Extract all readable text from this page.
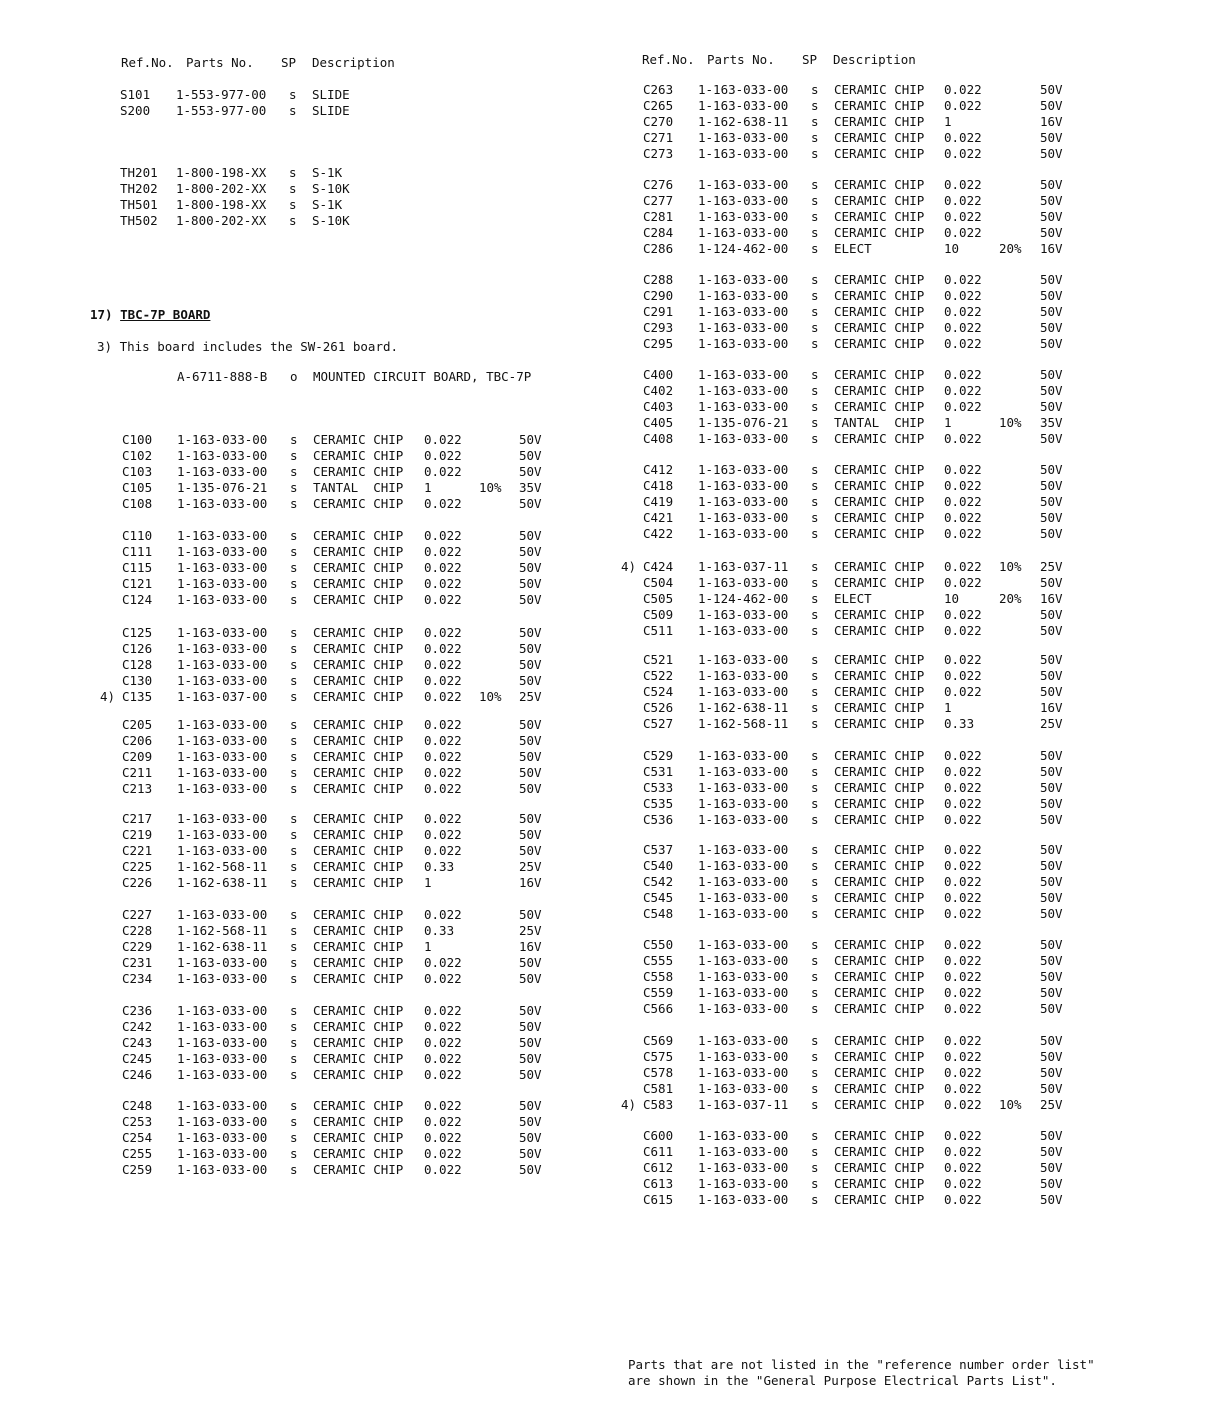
Ref.No. Parts No. SP Description
S101 1-553-977-00 s SLIDE
S200 1-553-977-00 s SLIDE
TH201 1-800-198-XX s S-1K
TH202 1-800-202-XX s S-10K
TH501 1-800-198-XX s S-1K
TH502 1-800-202-XX s S-10K
17) TBC-7P BOARD
3) This board includes the SW-261 board.
A-6711-888-B o MOUNTED CIRCUIT BOARD, TBC-7P
C100 1-163-033-00 s CERAMIC CHIP 0.022	50V
C102 1-163-033-00 s CERAMIC CHIP 0.022	50V
C103 1-163-033-00 s CERAMIC CHIP 0.022	50V
C105 1-135-076-21 s TANTAL  CHIP 1	10% 35V
C108 1-163-033-00 s CERAMIC CHIP 0.022	50V
C110 1-163-033-00 s CERAMIC CHIP 0.022	50V
C111 1-163-033-00 s CERAMIC CHIP 0.022	50V
C115 1-163-033-00 s CERAMIC CHIP 0.022	50V
C121 1-163-033-00 s CERAMIC CHIP 0.022	50V
C124 1-163-033-00 s CERAMIC CHIP 0.022	50V
C125 1-163-033-00 s CERAMIC CHIP 0.022	50V
C126 1-163-033-00 s CERAMIC CHIP 0.022	50V
C128 1-163-033-00 s CERAMIC CHIP 0.022	50V
C130 1-163-033-00 s CERAMIC CHIP 0.022	50V
4) C135 1-163-037-00 s CERAMIC CHIP 0.022 10% 25V
C205 1-163-033-00 s CERAMIC CHIP 0.022	50V
C206 1-163-033-00 s CERAMIC CHIP 0.022	50V
C209 1-163-033-00 s CERAMIC CHIP 0.022	50V
C211 1-163-033-00 s CERAMIC CHIP 0.022	50V
C213 1-163-033-00 s CERAMIC CHIP 0.022	50V
C217 1-163-033-00 s CERAMIC CHIP 0.022	50V
C219 1-163-033-00 s CERAMIC CHIP 0.022	50V
C221 1-163-033-00 s CERAMIC CHIP 0.022	50V
C225 1-162-568-11 s CERAMIC CHIP 0.33	25V
C226 1-162-638-11 s CERAMIC CHIP 1	16V
C227 1-163-033-00 s CERAMIC CHIP 0.022	50V
C228 1-162-568-11 s CERAMIC CHIP 0.33	25V
C229 1-162-638-11 s CERAMIC CHIP 1	16V
C231 1-163-033-00 s CERAMIC CHIP 0.022	50V
C234 1-163-033-00 s CERAMIC CHIP 0.022	50V
C236 1-163-033-00 s CERAMIC CHIP 0.022	50V
C242 1-163-033-00 s CERAMIC CHIP 0.022	50V
C243 1-163-033-00 s CERAMIC CHIP 0.022	50V
C245 1-163-033-00 s CERAMIC CHIP 0.022	50V
C246 1-163-033-00 s CERAMIC CHIP 0.022	50V
C248 1-163-033-00 s CERAMIC CHIP 0.022	50V
C253 1-163-033-00 s CERAMIC CHIP 0.022	50V
C254 1-163-033-00 s CERAMIC CHIP 0.022	50V
C255 1-163-033-00 s CERAMIC CHIP 0.022	50V
C259 1-163-033-00 s CERAMIC CHIP 0.022	50V
Ref.No. Parts No. SP Description
C263 1-163-033-00 s CERAMIC CHIP 0.022	50V
C265 1-163-033-00 s CERAMIC CHIP 0.022	50V
C270 1-162-638-11 s CERAMIC CHIP 1	16V
C271 1-163-033-00 s CERAMIC CHIP 0.022	50V
C273 1-163-033-00 s CERAMIC CHIP 0.022	50V
C276 1-163-033-00 s CERAMIC CHIP 0.022	50V
C277 1-163-033-00 s CERAMIC CHIP 0.022	50V
C281 1-163-033-00 s CERAMIC CHIP 0.022	50V
C284 1-163-033-00 s CERAMIC CHIP 0.022	50V
C286 1-124-462-00 s ELECT	10	20% 16V
C288 1-163-033-00 s CERAMIC CHIP 0.022	50V
C290 1-163-033-00 s CERAMIC CHIP 0.022	50V
C291 1-163-033-00 s CERAMIC CHIP 0.022	50V
C293 1-163-033-00 s CERAMIC CHIP 0.022	50V
C295 1-163-033-00 s CERAMIC CHIP 0.022	50V
C400 1-163-033-00 s CERAMIC CHIP 0.022	50V
C402 1-163-033-00 s CERAMIC CHIP 0.022	50V
C403 1-163-033-00 s CERAMIC CHIP 0.022	50V
C405 1-135-076-21 s TANTAL  CHIP 1	10% 35V
C408 1-163-033-00 s CERAMIC CHIP 0.022	50V
C412 1-163-033-00 s CERAMIC CHIP 0.022	50V
C418 1-163-033-00 s CERAMIC CHIP 0.022	50V
C419 1-163-033-00 s CERAMIC CHIP 0.022	50V
C421 1-163-033-00 s CERAMIC CHIP 0.022	50V
C422 1-163-033-00 s CERAMIC CHIP 0.022	50V
4) C424 1-163-037-11 s CERAMIC CHIP 0.022 10% 25V
C504 1-163-033-00 s CERAMIC CHIP 0.022	50V
C505 1-124-462-00 s ELECT	10	20% 16V
C509 1-163-033-00 s CERAMIC CHIP 0.022	50V
C511 1-163-033-00 s CERAMIC CHIP 0.022	50V
C521 1-163-033-00 s CERAMIC CHIP 0.022	50V
C522 1-163-033-00 s CERAMIC CHIP 0.022	50V
C524 1-163-033-00 s CERAMIC CHIP 0.022	50V
C526 1-162-638-11 s CERAMIC CHIP 1	16V
C527 1-162-568-11 s CERAMIC CHIP 0.33	25V
C529 1-163-033-00 s CERAMIC CHIP 0.022	50V
C531 1-163-033-00 s CERAMIC CHIP 0.022	50V
C533 1-163-033-00 s CERAMIC CHIP 0.022	50V
C535 1-163-033-00 s CERAMIC CHIP 0.022	50V
C536 1-163-033-00 s CERAMIC CHIP 0.022	50V
C537 1-163-033-00 s CERAMIC CHIP 0.022	50V
C540 1-163-033-00 s CERAMIC CHIP 0.022	50V
C542 1-163-033-00 s CERAMIC CHIP 0.022	50V
C545 1-163-033-00 s CERAMIC CHIP 0.022	50V
C548 1-163-033-00 s CERAMIC CHIP 0.022	50V
C550 1-163-033-00 s CERAMIC CHIP 0.022	50V
C555 1-163-033-00 s CERAMIC CHIP 0.022	50V
C558 1-163-033-00 s CERAMIC CHIP 0.022	50V
C559 1-163-033-00 s CERAMIC CHIP 0.022	50V
C566 1-163-033-00 s CERAMIC CHIP 0.022	50V
C569 1-163-033-00 s CERAMIC CHIP 0.022	50V
C575 1-163-033-00 s CERAMIC CHIP 0.022	50V
C578 1-163-033-00 s CERAMIC CHIP 0.022	50V
C581 1-163-033-00 s CERAMIC CHIP 0.022	50V
4) C583 1-163-037-11 s CERAMIC CHIP 0.022 10% 25V
C600 1-163-033-00 s CERAMIC CHIP 0.022	50V
C611 1-163-033-00 s CERAMIC CHIP 0.022	50V
C612 1-163-033-00 s CERAMIC CHIP 0.022	50V
C613 1-163-033-00 s CERAMIC CHIP 0.022	50V
C615 1-163-033-00 s CERAMIC CHIP 0.022	50V
Parts that are not listed in the "reference number order list"
are shown in the "General Purpose Electrical Parts List".
